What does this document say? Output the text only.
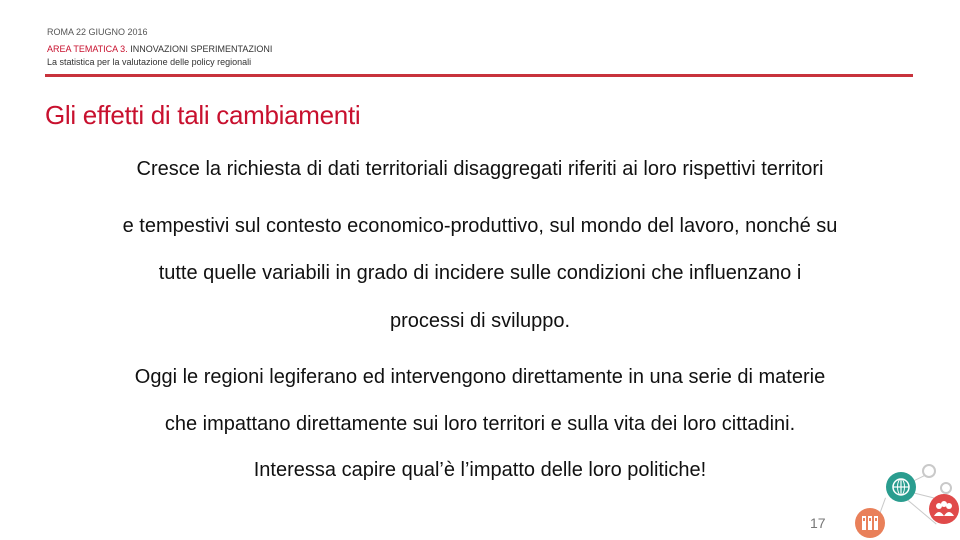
ROMA 22 GIUGNO 2016
AREA TEMATICA 3. INNOVAZIONI SPERIMENTAZIONI
La statistica per la valutazione delle policy regionali
Gli effetti di tali cambiamenti
Cresce la richiesta di dati territoriali disaggregati riferiti ai loro rispettivi territori
e tempestivi sul contesto economico-produttivo, sul mondo del lavoro, nonché su
tutte quelle variabili in grado di incidere sulle condizioni che influenzano i
processi di sviluppo.
Oggi le regioni legiferano ed intervengono direttamente in una serie di materie
che impattano direttamente sui loro territori e sulla vita dei loro cittadini.
Interessa capire qual’è l’impatto delle loro politiche!
17
